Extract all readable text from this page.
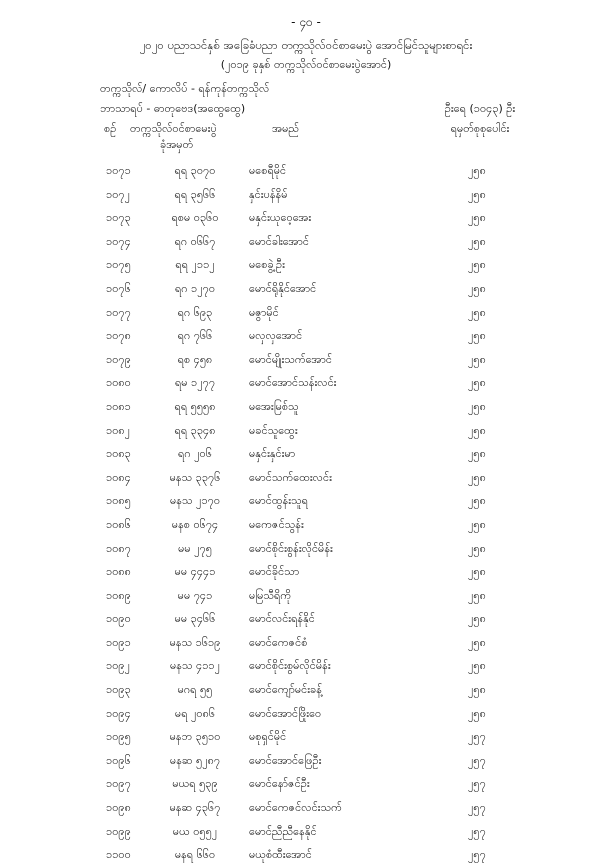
- ၄၀ -
၂၀၂၀ ပညာသင်နှစ် အခြေခံပညာ တက္ကသိုလ်ဝင်စာမေးပွဲ အောင်မြင်သူများစာရင်း
(၂၀၁၉ ခုနှစ် တက္ကသိုလ်ဝင်စာမေးပွဲအောင်)
တက္ကသိုလ်/ ကောလိပ် - ရန်ကုန်တက္ကသိုလ်
ဘာသာရပ် - ဓာတုဗေဒ(အထွေထွေ)	ဦးရေ (၁၀၄၃) ဦး
စဉ် တက္ကသိုလ်ဝင်စာမေးပွဲ
ခုံအမှတ်
အမည်	ရမှတ်စုစုပေါင်း
၁၀၇၁	ရရ ၃၀၇၀	မစေရီမိုင်	၂၅၈
၁၀၇၂	ရရ ၃၅၆၆	နှင်းပန်နိမ်	၂၅၈
၁၀၇၃	ရစမ ၀၃၆၀	မနှင်းယုဝေ့အေး	၂၅၈
၁၀၇၄	ရဂ ၀၆၆၇	မောင်ခါးအောင်	၂၅၈
၁၀၇၅	ရရ ၂၁၁၂	မစေခွဲ့ဦး	၂၅၈
၁၀၇၆	ရဂ ၁၂၇၀	မောင်ရိုနိုင်အောင်	၂၅၈
၁၀၇၇	ရဂ ၆၉၃	မဇွာမိုင်	၂၅၈
၁၀၇၈	ရဂ ၇၆၆	မလှလှအောင်	၂၅၈
၁၀၇၉	ရစ ၄၅၈	မောင်မျိုးသက်အောင်	၂၅၈
၁၀၈၀	ရမ ၁၂၇၇	မောင်အောင်သန်းလင်း	၂၅၈
၁၀၈၁	ရရ ၅၅၅၈	မအေးမြစ်သူ	၂၅၈
၁၀၈၂	ရရ ၃၃၄၈	မခင်သူထွေး	၂၅၈
၁၀၈၃	ရဂ ၂၀၆	မနှင်းနှင်းမာ	၂၅၈
၁၀၈၄	မနသ ၃၃၇၆	မောင်သက်ထေးလင်း	၂၅၈
၁၀၈၅	မနသ ၂၁၇၀	မောင်ထွန်းသူရ	၂၅၈
၁၀၈၆	မနစ ၀၆၇၄	မကေဇင်သွန်း	၂၅၈
၁၀၈၇	မမ ၂၇၅	မောင်စိုင်းစွန်းလိုင်မိန်း	၂၅၈
၁၀၈၈	မမ ၄၄၄၁	မောင်ခိုင်သာ	၂၅၈
၁၀၈၉	မမ ၇၄၁	မမြသီရိကို	၂၅၈
၁၀၉၀	မမ ၃၄၆၆	မောင်လင်းရန်နိုင်	၂၅၈
၁၀၉၁	မနသ ၁၆၁၉	မောင်ကေဇင်စံ	၂၅၈
၁၀၉၂	မနသ ၄၁၁၂	မောင်စိုင်းစွမ်လိုင်မိန်း	၂၅၈
၁၀၉၃	မဂရ ၅၅	မောင်ကျော်မင်းခန့်	၂၅၈
၁၀၉၄	မရ ၂၀၈၆	မောင်အောင်ဖြိုးဝေ	၂၅၈
၁၀၉၅	မနဘ ၃၅၁၀	မစုရှင်မိုင်	၂၅၇
၁၀၉၆	မနဆ ၅၂၈၇	မောင်အောင်ဖြေဦး	၂၅၇
၁၀၉၇	မယရ ၅၃၉	မောင်နော်ဇင်ဦး	၂၅၇
၁၀၉၈	မနဆ ၄၃၆၇	မောင်ကေဇင်လင်းသက်	၂၅၇
၁၀၉၉	မယ ၀၅၅၂	မောင်ညီညီနေနိုင်	၂၅၇
၁၁၀၀	မနရ ၆၆၀	မယုစံထီးအောင်	၂၅၇
